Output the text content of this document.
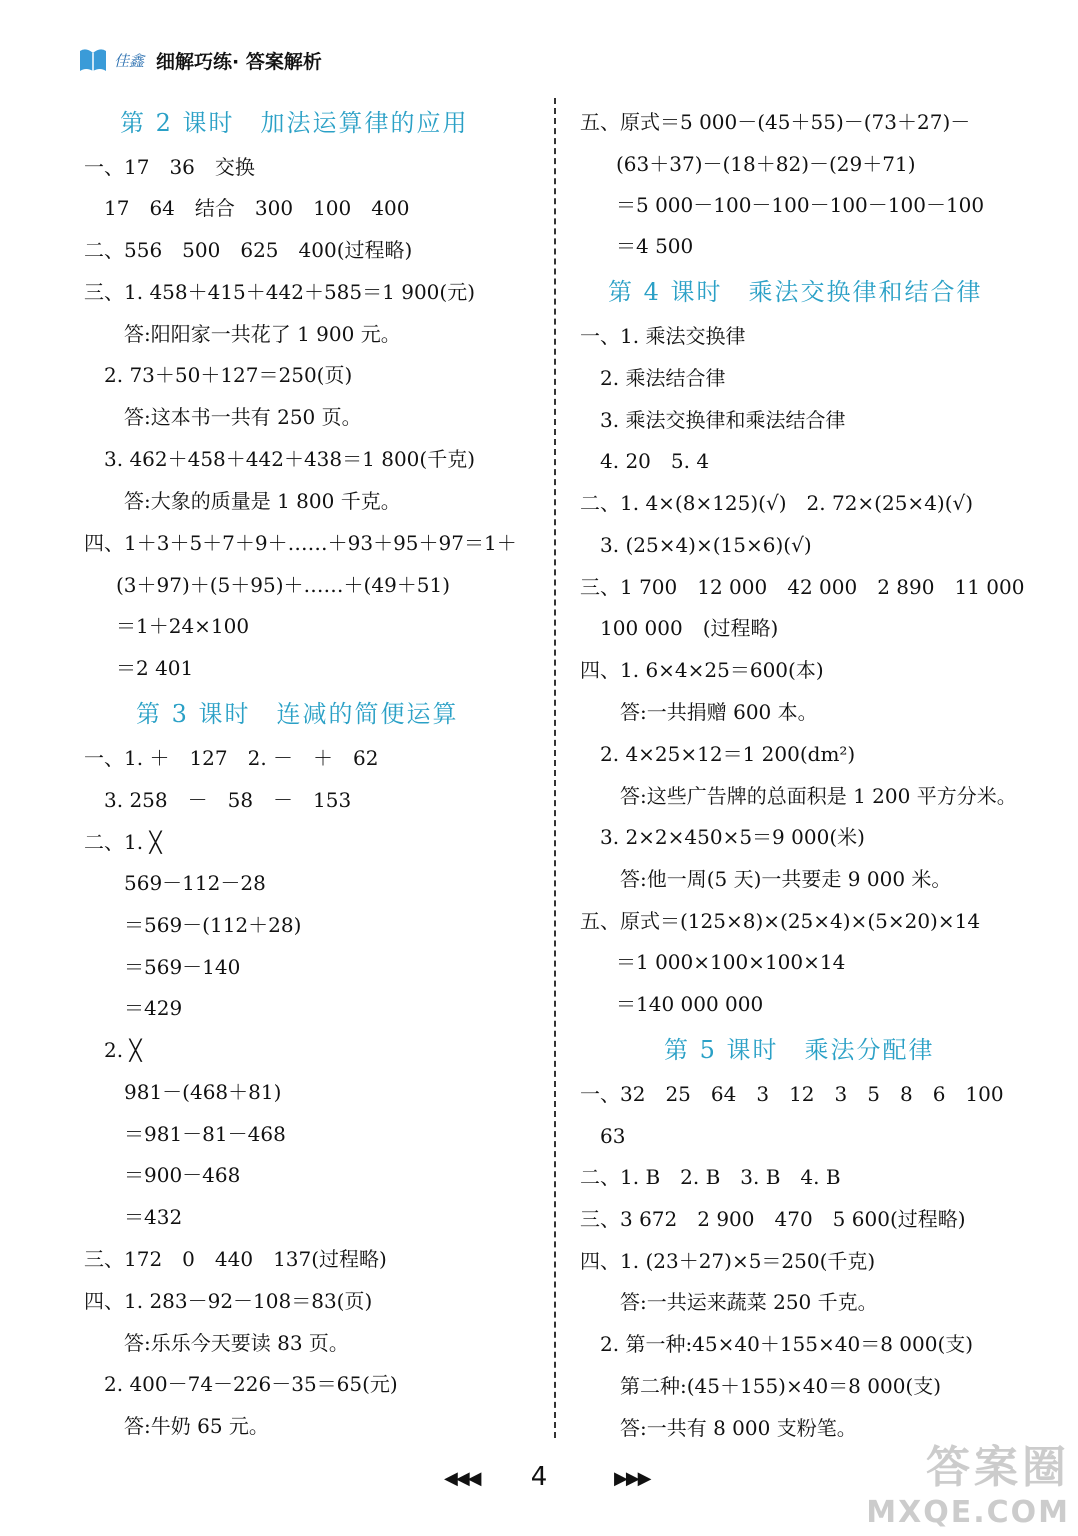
佳鑫 细解巧练· 答案解析
第 2 课时　加法运算律的应用
一、17　36　交换
　17　64　结合　300　100　400
二、556　500　625　400(过程略)
三、1. 458＋415＋442＋585＝1 900(元)
　　答:阳阳家一共花了 1 900 元。
　2. 73＋50＋127＝250(页)
　　答:这本书一共有 250 页。
　3. 462＋458＋442＋438＝1 800(千克)
　　答:大象的质量是 1 800 千克。
四、1＋3＋5＋7＋9＋……＋93＋95＋97＝1＋
(3＋97)＋(5＋95)＋……＋(49＋51)
＝1＋24×100
＝2 401
第 3 课时　连减的简便运算
一、1. ＋　127　2. －　＋　62
　3. 258　－　58　－　153
二、1. ╳
　　569－112－28
　　＝569－(112＋28)
　　＝569－140
　　＝429
　2. ╳
　　981－(468＋81)
　　＝981－81－468
　　＝900－468
　　＝432
三、172　0　440　137(过程略)
四、1. 283－92－108＝83(页)
　　答:乐乐今天要读 83 页。
　2. 400－74－226－35＝65(元)
　　答:牛奶 65 元。
五、原式＝5 000－(45＋55)－(73＋27)－
(63＋37)－(18＋82)－(29＋71)
＝5 000－100－100－100－100－100
＝4 500
第 4 课时　乘法交换律和结合律
一、1. 乘法交换律
　2. 乘法结合律
　3. 乘法交换律和乘法结合律
　4. 20　5. 4
二、1. 4×(8×125)(√)　2. 72×(25×4)(√)
　3. (25×4)×(15×6)(√)
三、1 700　12 000　42 000　2 890　11 000
　100 000　(过程略)
四、1. 6×4×25＝600(本)
　　答:一共捐赠 600 本。
　2. 4×25×12＝1 200(dm²)
　　答:这些广告牌的总面积是 1 200 平方分米。
　3. 2×2×450×5＝9 000(米)
　　答:他一周(5 天)一共要走 9 000 米。
五、原式＝(125×8)×(25×4)×(5×20)×14
＝1 000×100×100×14
＝140 000 000
第 5 课时　乘法分配律
一、32　25　64　3　12　3　5　8　6　100
　63
二、1. B　2. B　3. B　4. B
三、3 672　2 900　470　5 600(过程略)
四、1. (23＋27)×5＝250(千克)
　　答:一共运来蔬菜 250 千克。
　2. 第一种:45×40＋155×40＝8 000(支)
　　第二种:(45＋155)×40＝8 000(支)
　　答:一共有 8 000 支粉笔。
◀◀◀	4	▶▶▶	答案圈
MXQE.COM
